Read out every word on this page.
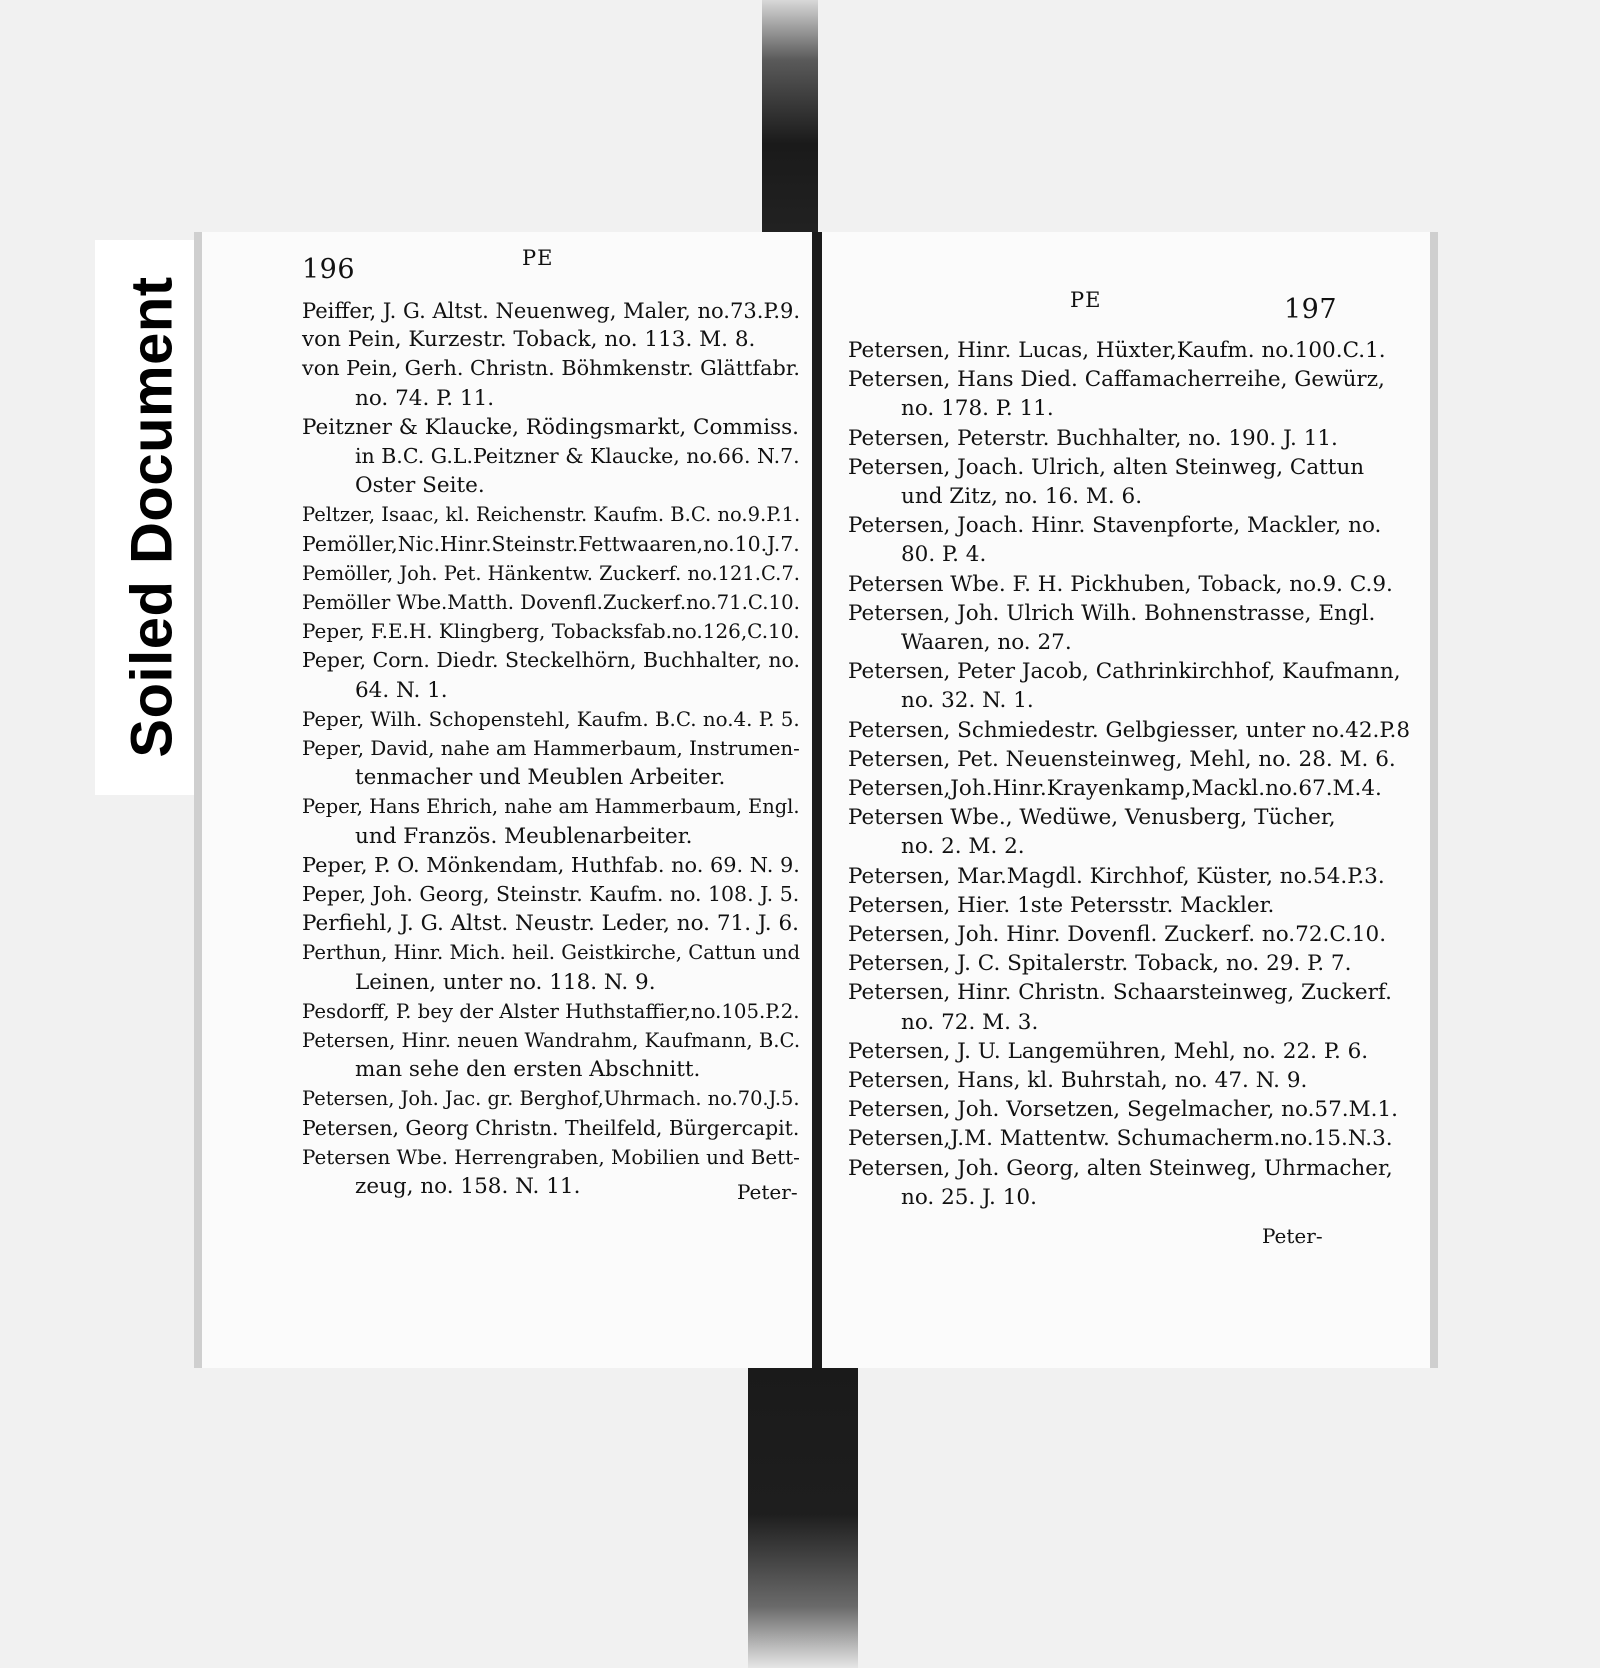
Soiled Document
196	PE
Peiffer, J. G. Altst. Neuenweg, Maler, no.73.P.9.
von Pein, Kurzestr. Toback, no. 113. M. 8.
von Pein, Gerh. Christn. Böhmkenstr. Glättfabr.
no. 74. P. 11.
Peitzner & Klaucke, Rödingsmarkt, Commiss.
in B.C. G.L.Peitzner & Klaucke, no.66. N.7.
Oster Seite.
Peltzer, Isaac, kl. Reichenstr. Kaufm. B.C. no.9.P.1.
Pemöller,Nic.Hinr.Steinstr.Fettwaaren,no.10.J.7.
Pemöller, Joh. Pet. Hänkentw. Zuckerf. no.121.C.7.
Pemöller Wbe.Matth. Dovenfl.Zuckerf.no.71.C.10.
Peper, F.E.H. Klingberg, Tobacksfab.no.126,C.10.
Peper, Corn. Diedr. Steckelhörn, Buchhalter, no.
64. N. 1.
Peper, Wilh. Schopenstehl, Kaufm. B.C. no.4. P. 5.
Peper, David, nahe am Hammerbaum, Instrumen-
tenmacher und Meublen Arbeiter.
Peper, Hans Ehrich, nahe am Hammerbaum, Engl.
und Französ. Meublenarbeiter.
Peper, P. O. Mönkendam, Huthfab. no. 69. N. 9.
Peper, Joh. Georg, Steinstr. Kaufm. no. 108. J. 5.
Perfiehl, J. G. Altst. Neustr. Leder, no. 71. J. 6.
Perthun, Hinr. Mich. heil. Geistkirche, Cattun und
Leinen, unter no. 118. N. 9.
Pesdorff, P. bey der Alster Huthstaffier,no.105.P.2.
Petersen, Hinr. neuen Wandrahm, Kaufmann, B.C.
man sehe den ersten Abschnitt.
Petersen, Joh. Jac. gr. Berghof,Uhrmach. no.70.J.5.
Petersen, Georg Christn. Theilfeld, Bürgercapit.
Petersen Wbe. Herrengraben, Mobilien und Bett-
zeug, no. 158. N. 11.	Peter-
PE	197
Petersen, Hinr. Lucas, Hüxter,Kaufm. no.100.C.1.
Petersen, Hans Died. Caffamacherreihe, Gewürz,
no. 178. P. 11.
Petersen, Peterstr. Buchhalter, no. 190. J. 11.
Petersen, Joach. Ulrich, alten Steinweg, Cattun
und Zitz, no. 16. M. 6.
Petersen, Joach. Hinr. Stavenpforte, Mackler, no.
80. P. 4.
Petersen Wbe. F. H. Pickhuben, Toback, no.9. C.9.
Petersen, Joh. Ulrich Wilh. Bohnenstrasse, Engl.
Waaren, no. 27.
Petersen, Peter Jacob, Cathrinkirchhof, Kaufmann,
no. 32. N. 1.
Petersen, Schmiedestr. Gelbgiesser, unter no.42.P.8
Petersen, Pet. Neuensteinweg, Mehl, no. 28. M. 6.
Petersen,Joh.Hinr.Krayenkamp,Mackl.no.67.M.4.
Petersen Wbe., Wedüwe, Venusberg, Tücher,
no. 2. M. 2.
Petersen, Mar.Magdl. Kirchhof, Küster, no.54.P.3.
Petersen, Hier. 1ste Petersstr. Mackler.
Petersen, Joh. Hinr. Dovenfl. Zuckerf. no.72.C.10.
Petersen, J. C. Spitalerstr. Toback, no. 29. P. 7.
Petersen, Hinr. Christn. Schaarsteinweg, Zuckerf.
no. 72. M. 3.
Petersen, J. U. Langemühren, Mehl, no. 22. P. 6.
Petersen, Hans, kl. Buhrstah, no. 47. N. 9.
Petersen, Joh. Vorsetzen, Segelmacher, no.57.M.1.
Petersen,J.M. Mattentw. Schumacherm.no.15.N.3.
Petersen, Joh. Georg, alten Steinweg, Uhrmacher,
no. 25. J. 10.
Peter-
